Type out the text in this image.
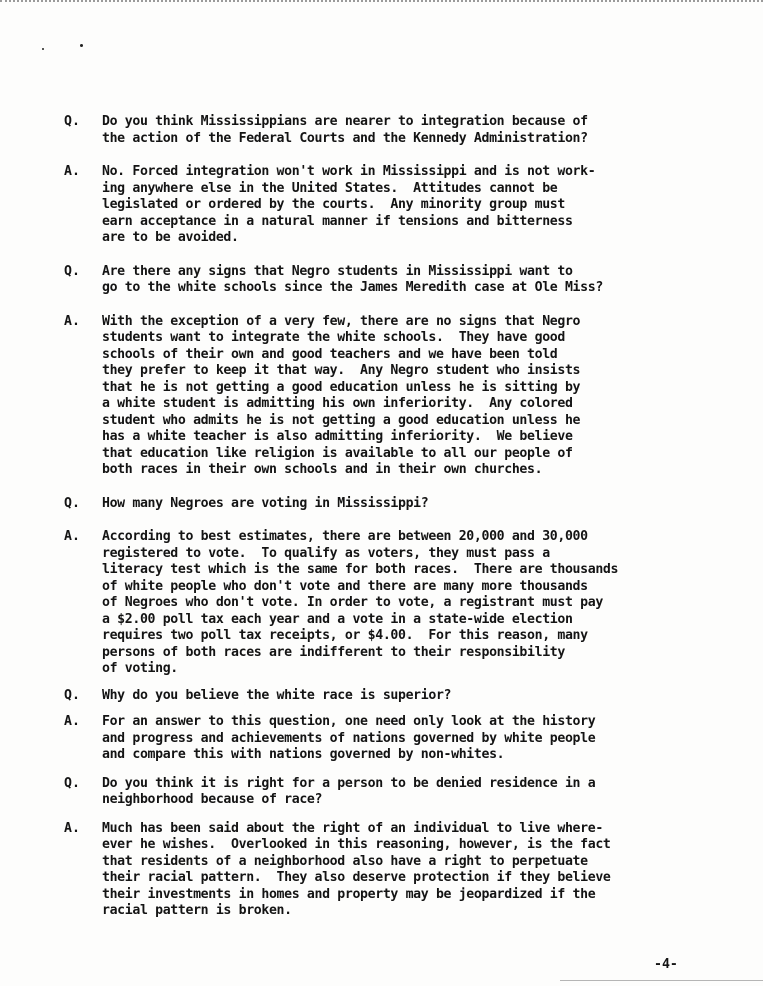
Q.	Do you think Mississippians are nearer to integration because of
the action of the Federal Courts and the Kennedy Administration?
A.	No. Forced integration won't work in Mississippi and is not work-
ing anywhere else in the United States.  Attitudes cannot be
legislated or ordered by the courts.  Any minority group must
earn acceptance in a natural manner if tensions and bitterness
are to be avoided.
Q.	Are there any signs that Negro students in Mississippi want to
go to the white schools since the James Meredith case at Ole Miss?
A.	With the exception of a very few, there are no signs that Negro
students want to integrate the white schools.  They have good
schools of their own and good teachers and we have been told
they prefer to keep it that way.  Any Negro student who insists
that he is not getting a good education unless he is sitting by
a white student is admitting his own inferiority.  Any colored
student who admits he is not getting a good education unless he
has a white teacher is also admitting inferiority.  We believe
that education like religion is available to all our people of
both races in their own schools and in their own churches.
Q.	How many Negroes are voting in Mississippi?
A.	According to best estimates, there are between 20,000 and 30,000
registered to vote.  To qualify as voters, they must pass a
literacy test which is the same for both races.  There are thousands
of white people who don't vote and there are many more thousands
of Negroes who don't vote. In order to vote, a registrant must pay
a $2.00 poll tax each year and a vote in a state-wide election
requires two poll tax receipts, or $4.00.  For this reason, many
persons of both races are indifferent to their responsibility
of voting.
Q.	Why do you believe the white race is superior?
A.	For an answer to this question, one need only look at the history
and progress and achievements of nations governed by white people
and compare this with nations governed by non-whites.
Q.	Do you think it is right for a person to be denied residence in a
neighborhood because of race?
A.	Much has been said about the right of an individual to live where-
ever he wishes.  Overlooked in this reasoning, however, is the fact
that residents of a neighborhood also have a right to perpetuate
their racial pattern.  They also deserve protection if they believe
their investments in homes and property may be jeopardized if the
racial pattern is broken.
-4-
